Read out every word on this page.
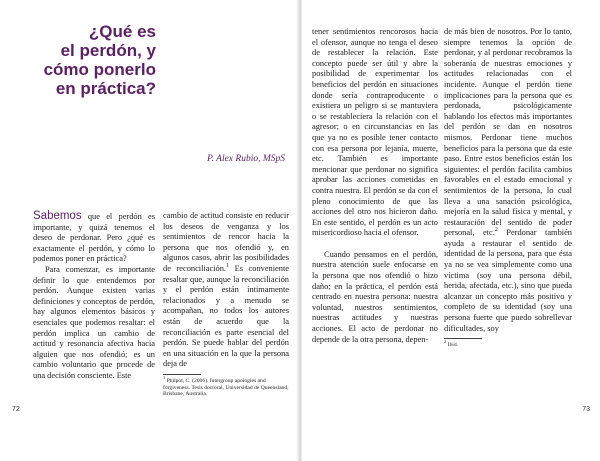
¿Qué es
el perdón, y
cómo ponerlo
en práctica?
P. Alex Rubio, MSpS

Sabemos que el perdón es importante, y quizá tenemos el deseo de perdonar. Pero ¿qué es exactamente el perdón, y cómo lo podemos poner en práctica?

Para comenzar, es importante definir lo que entendemos por perdón. Aunque existen varias definiciones y conceptos de perdón, hay algunos elementos básicos y esenciales que podemos resaltar: el perdón implica un cambio de actitud y resonancia afectiva hacia alguien que nos ofendió; es un cambio voluntario que procede de una decisión consciente. Este

cambio de actitud consiste en reducir los deseos de venganza y los sentimientos de rencor hacia la persona que nos ofendió y, en algunos casos, abrir las posibilidades de reconciliación.$^1$ Es conveniente resaltar que, aunque la reconciliación y el perdón están íntimamente relacionados y a menudo se acompañan, no todos los autores están de acuerdo que la reconciliación es parte esencial del perdón. Se puede hablar del perdón en una situación en la que la persona deja de

$^1$ Philpot, C. (2006). Intergroup apologies and forgiveness. Tesis doctoral, Universidad de Queensland, Brisbane, Australia.
72

tener sentimientos rencorosos hacia el ofensor, aunque no tenga el deseo de restablecer la relación. Este concepto puede ser útil y abre la posibilidad de experimentar los beneficios del perdón en situaciones donde sería contraproducente o existiera un peligro si se mantuviera o se restableciera la relación con el agresor; o en circunstancias en las que ya no es posible tener contacto con esa persona por lejanía, muerte, etc. También es importante mencionar que perdonar no significa aprobar las acciones cometidas en contra nuestra. El perdón se da con el pleno conocimiento de que las acciones del otro nos hicieron daño. En este sentido, el perdón es un acto misericordioso hacia el ofensor.

Cuando pensamos en el perdón, nuestra atención suele enfocarse en la persona que nos ofendió o hizo daño; en la práctica, el perdón está centrado en nuestra persona: nuestra voluntad, nuestros sentimientos, nuestras actitudes y nuestras acciones. El acto de perdonar no depende de la otra persona, depen-

de más bien de nosotros. Por lo tanto, siempre tenemos la opción de perdonar, y al perdonar recobramos la soberanía de nuestras emociones y actitudes relacionadas con el incidente. Aunque el perdón tiene implicaciones para la persona que es perdonada, psicológicamente hablando los efectos más importantes del perdón se dan en nosotros mismos. Perdonar tiene muchos beneficios para la persona que da este paso. Entre estos beneficios están los siguientes: el perdón facilita cambios favorables en el estado emocional y sentimientos de la persona, lo cual lleva a una sanación psicológica, mejoría en la salud física y mental, y restauración del sentido de poder personal, etc.$^2$ Perdonar también ayuda a restaurar el sentido de identidad de la persona, para que ésta ya no se vea simplemente como una víctima (soy una persona débil, herida, afectada, etc.), sino que pueda alcanzar un concepto más positivo y completo de su identidad (soy una persona fuerte que puedo sobrellevar dificultades, soy

$^2$ Ibid.
73
